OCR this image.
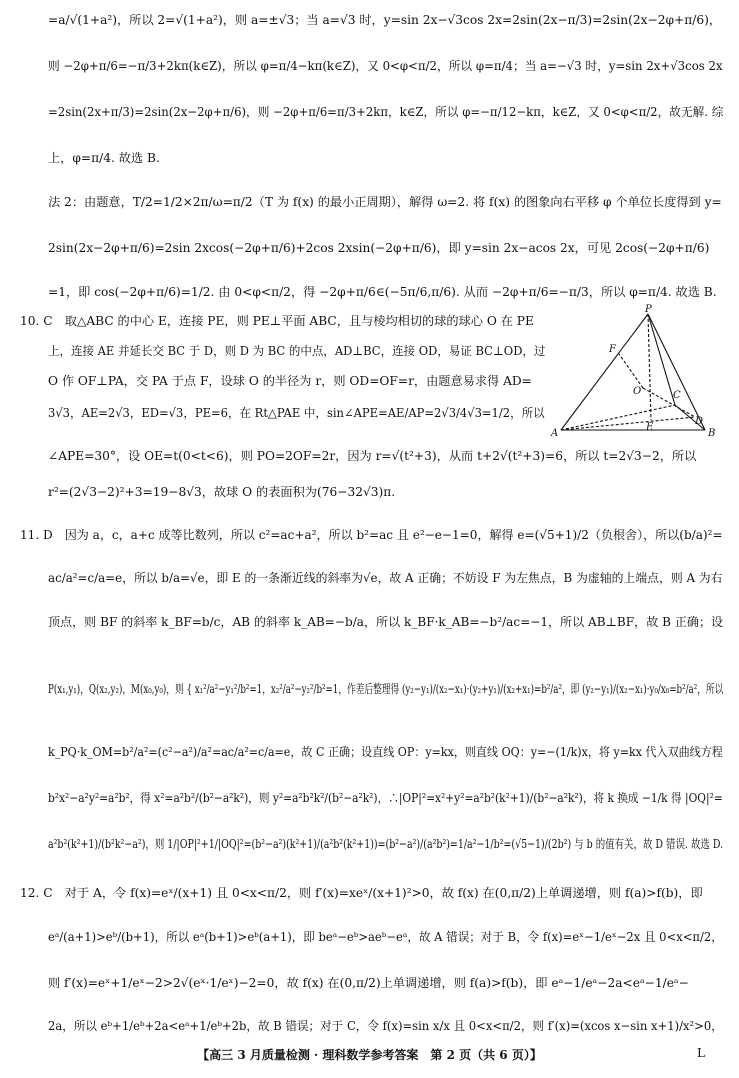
=a/√(1+a²)，所以 2=√(1+a²)，则 a=±√3；当 a=√3 时，y=sin 2x−√3cos 2x=2sin(2x−π/3)=2sin(2x−2φ+π/6)，
则 −2φ+π/6=−π/3+2kπ(k∈Z)，所以 φ=π/4−kπ(k∈Z)，又 0<φ<π/2，所以 φ=π/4；当 a=−√3 时，y=sin 2x+√3cos 2x
=2sin(2x+π/3)=2sin(2x−2φ+π/6)，则 −2φ+π/6=π/3+2kπ，k∈Z，所以 φ=−π/12−kπ，k∈Z，又 0<φ<π/2，故无解. 综
上，φ=π/4. 故选 B.
法 2：由题意，T/2=1/2×2π/ω=π/2（T 为 f(x) 的最小正周期），解得 ω=2. 将 f(x) 的图象向右平移 φ 个单位长度得到 y=
2sin(2x−2φ+π/6)=2sin 2xcos(−2φ+π/6)+2cos 2xsin(−2φ+π/6)，即 y=sin 2x−acos 2x，可见 2cos(−2φ+π/6)
=1，即 cos(−2φ+π/6)=1/2. 由 0<φ<π/2，得 −2φ+π/6∈(−5π/6,π/6). 从而 −2φ+π/6=−π/3，所以 φ=π/4. 故选 B.
10. C　取△ABC 的中心 E，连接 PE，则 PE⊥平面 ABC，且与棱均相切的球的球心 O 在 PE
上，连接 AE 并延长交 BC 于 D，则 D 为 BC 的中点，AD⊥BC，连接 OD，易证 BC⊥OD，过
O 作 OF⊥PA，交 PA 于点 F，设球 O 的半径为 r，则 OD=OF=r，由题意易求得 AD=
3√3，AE=2√3，ED=√3，PE=6，在 Rt△PAE 中，sin∠APE=AE/AP=2√3/4√3=1/2，所以
∠APE=30°，设 OE=t(0<t<6)，则 PO=2OF=2r，因为 r=√(t²+3)，从而 t+2√(t²+3)=6，所以 t=2√3−2，所以
r²=(2√3−2)²+3=19−8√3，故球 O 的表面积为(76−32√3)π.
11. D　因为 a，c，a+c 成等比数列，所以 c²=ac+a²，所以 b²=ac 且 e²−e−1=0，解得 e=(√5+1)/2（负根舍），所以(b/a)²=
ac/a²=c/a=e，所以 b/a=√e，即 E 的一条渐近线的斜率为√e，故 A 正确；不妨设 F 为左焦点，B 为虚轴的上端点，则 A 为右
顶点，则 BF 的斜率 k_BF=b/c，AB 的斜率 k_AB=−b/a，所以 k_BF·k_AB=−b²/ac=−1，所以 AB⊥BF，故 B 正确；设
P(x₁,y₁)，Q(x₂,y₂)，M(x₀,y₀)，则 { x₁²/a²−y₁²/b²=1，x₂²/a²−y₂²/b²=1，作差后整理得 (y₂−y₁)/(x₂−x₁)·(y₂+y₁)/(x₂+x₁)=b²/a²，即 (y₂−y₁)/(x₂−x₁)·y₀/x₀=b²/a²，所以
k_PQ·k_OM=b²/a²=(c²−a²)/a²=ac/a²=c/a=e，故 C 正确；设直线 OP：y=kx，则直线 OQ：y=−(1/k)x，将 y=kx 代入双曲线方程
b²x²−a²y²=a²b²，得 x²=a²b²/(b²−a²k²)，则 y²=a²b²k²/(b²−a²k²)，∴|OP|²=x²+y²=a²b²(k²+1)/(b²−a²k²)，将 k 换成 −1/k 得 |OQ|²=
a²b²(k²+1)/(b²k²−a²)，则 1/|OP|²+1/|OQ|²=(b²−a²)(k²+1)/(a²b²(k²+1))=(b²−a²)/(a²b²)=1/a²−1/b²=(√5−1)/(2b²) 与 b 的值有关，故 D 错误. 故选 D.
12. C　对于 A，令 f(x)=eˣ/(x+1) 且 0<x<π/2，则 f′(x)=xeˣ/(x+1)²>0，故 f(x) 在(0,π/2)上单调递增，则 f(a)>f(b)，即
eᵃ/(a+1)>eᵇ/(b+1)，所以 eᵃ(b+1)>eᵇ(a+1)，即 beᵃ−eᵇ>aeᵇ−eᵃ，故 A 错误；对于 B，令 f(x)=eˣ−1/eˣ−2x 且 0<x<π/2，
则 f′(x)=eˣ+1/eˣ−2>2√(eˣ·1/eˣ)−2=0，故 f(x) 在(0,π/2)上单调递增，则 f(a)>f(b)，即 eᵃ−1/eᵃ−2a<eᵃ−1/eᵃ−
2a，所以 eᵇ+1/eᵇ+2a<eᵃ+1/eᵇ+2b，故 B 错误；对于 C，令 f(x)=sin x/x 且 0<x<π/2，则 f′(x)=(xcos x−sin x+1)/x²>0，
P
F
O	C
A
E
D
B
【高三 3 月质量检测 · 理科数学参考答案　第 2 页（共 6 页）】	L
